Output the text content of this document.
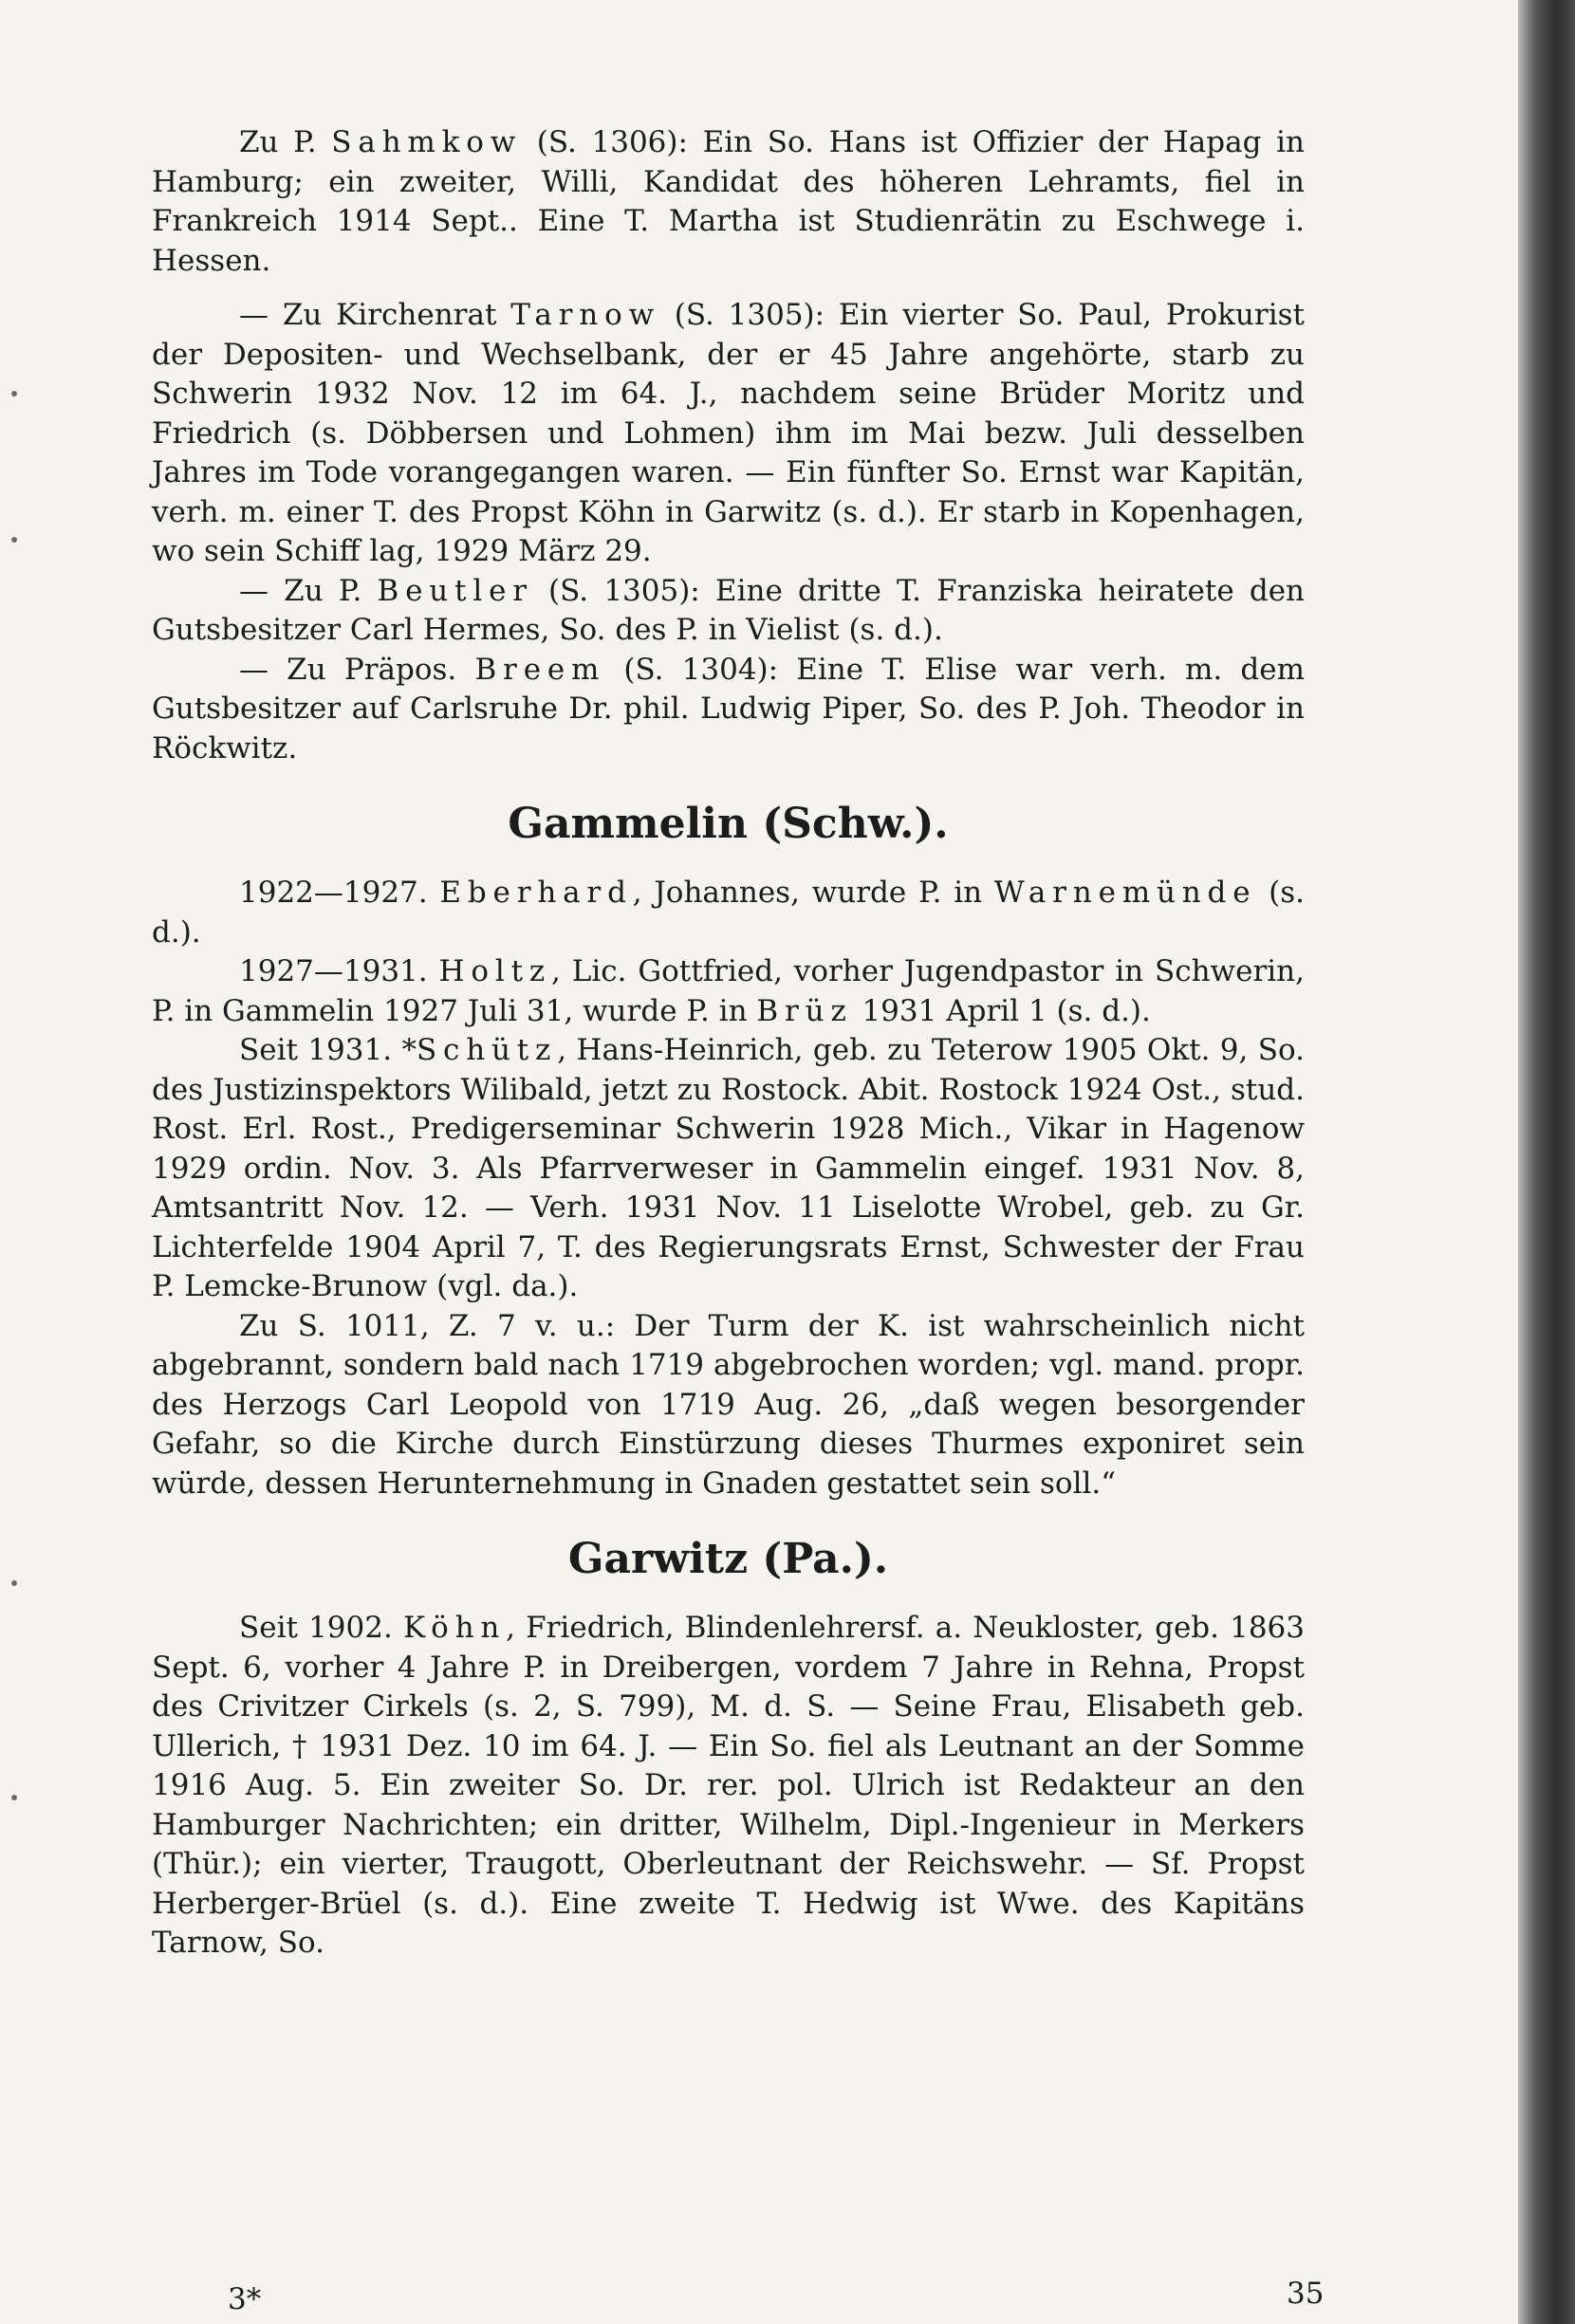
Zu P. Sahmkow (S. 1306): Ein So. Hans ist Offizier der Hapag in Hamburg; ein zweiter, Willi, Kandidat des höheren Lehramts, fiel in Frankreich 1914 Sept.. Eine T. Martha ist Studienrätin zu Eschwege i. Hessen.

— Zu Kirchenrat Tarnow (S. 1305): Ein vierter So. Paul, Prokurist der Depositen- und Wechselbank, der er 45 Jahre angehörte, starb zu Schwerin 1932 Nov. 12 im 64. J., nachdem seine Brüder Moritz und Friedrich (s. Döbbersen und Lohmen) ihm im Mai bezw. Juli desselben Jahres im Tode vorangegangen waren. — Ein fünfter So. Ernst war Kapitän, verh. m. einer T. des Propst Köhn in Garwitz (s. d.). Er starb in Kopenhagen, wo sein Schiff lag, 1929 März 29.

— Zu P. Beutler (S. 1305): Eine dritte T. Franziska heiratete den Gutsbesitzer Carl Hermes, So. des P. in Vielist (s. d.).

— Zu Präpos. Breem (S. 1304): Eine T. Elise war verh. m. dem Gutsbesitzer auf Carlsruhe Dr. phil. Ludwig Piper, So. des P. Joh. Theodor in Röckwitz.

Gammelin (Schw.).

1922—1927. Eberhard, Johannes, wurde P. in Warnemünde (s. d.).

1927—1931. Holtz, Lic. Gottfried, vorher Jugendpastor in Schwerin, P. in Gammelin 1927 Juli 31, wurde P. in Brüz 1931 April 1 (s. d.).

Seit 1931. *Schütz, Hans-Heinrich, geb. zu Teterow 1905 Okt. 9, So. des Justizinspektors Wilibald, jetzt zu Rostock. Abit. Rostock 1924 Ost., stud. Rost. Erl. Rost., Predigerseminar Schwerin 1928 Mich., Vikar in Hagenow 1929 ordin. Nov. 3. Als Pfarrverweser in Gammelin eingef. 1931 Nov. 8, Amtsantritt Nov. 12. — Verh. 1931 Nov. 11 Liselotte Wrobel, geb. zu Gr. Lichterfelde 1904 April 7, T. des Regierungsrats Ernst, Schwester der Frau P. Lemcke-Brunow (vgl. da.).

Zu S. 1011, Z. 7 v. u.: Der Turm der K. ist wahrscheinlich nicht abgebrannt, sondern bald nach 1719 abgebrochen worden; vgl. mand. propr. des Herzogs Carl Leopold von 1719 Aug. 26, „daß wegen besorgender Gefahr, so die Kirche durch Einstürzung dieses Thurmes exponiret sein würde, dessen Herunternehmung in Gnaden gestattet sein soll.“

Garwitz (Pa.).

Seit 1902. Köhn, Friedrich, Blindenlehrersf. a. Neukloster, geb. 1863 Sept. 6, vorher 4 Jahre P. in Dreibergen, vordem 7 Jahre in Rehna, Propst des Crivitzer Cirkels (s. 2, S. 799), M. d. S. — Seine Frau, Elisabeth geb. Ullerich, † 1931 Dez. 10 im 64. J. — Ein So. fiel als Leutnant an der Somme 1916 Aug. 5. Ein zweiter So. Dr. rer. pol. Ulrich ist Redakteur an den Hamburger Nachrichten; ein dritter, Wilhelm, Dipl.-Ingenieur in Merkers (Thür.); ein vierter, Traugott, Oberleutnant der Reichswehr. — Sf. Propst Herberger-Brüel (s. d.). Eine zweite T. Hedwig ist Wwe. des Kapitäns Tarnow, So.

3*	35
